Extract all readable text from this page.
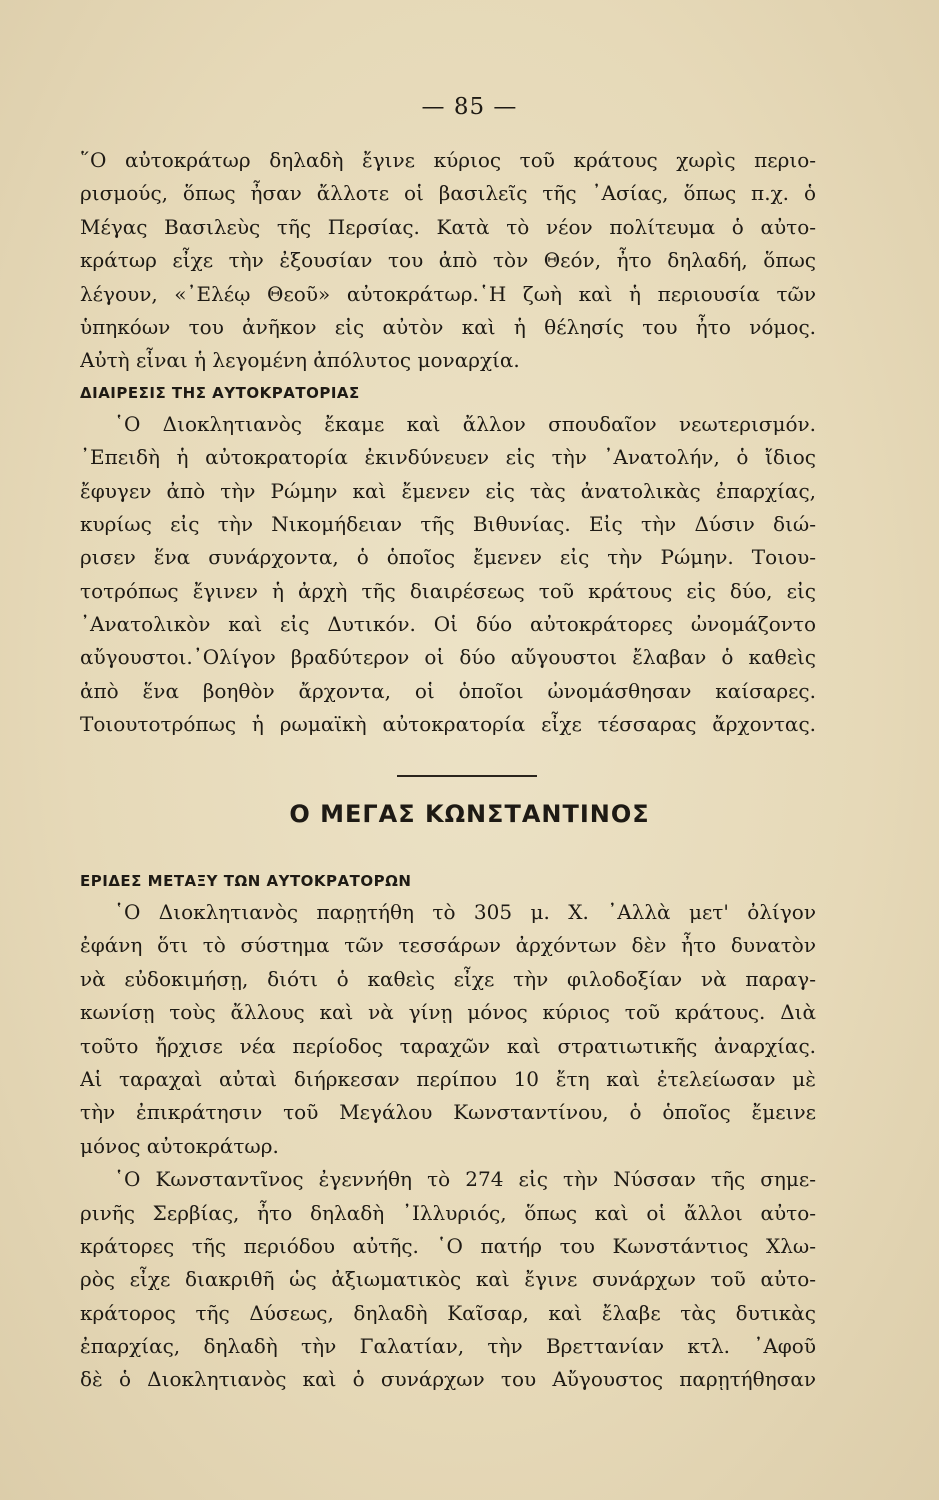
— 85 —
῞Ο αὐτοκράτωρ δηλαδὴ ἔγινε κύριος τοῦ κράτους χωρὶς περιο-
ρισμούς, ὅπως ἦσαν ἄλλοτε οἱ βασιλεῖς τῆς ᾿Ασίας, ὅπως π.χ. ὁ
Μέγας Βασιλεὺς τῆς Περσίας. Κατὰ τὸ νέον πολίτευμα ὁ αὐτο-
κράτωρ εἶχε τὴν ἐξουσίαν του ἀπὸ τὸν Θεόν, ἦτο δηλαδή, ὅπως
λέγουν, «᾿Ελέῳ Θεοῦ» αὐτοκράτωρ.῾Η ζωὴ καὶ ἡ περιουσία τῶν
ὑπηκόων του ἀνῆκον εἰς αὐτὸν καὶ ἡ θέλησίς του ἦτο νόμος.
Αὐτὴ εἶναι ἡ λεγομένη ἀπόλυτος μοναρχία.
ΔΙΑΙΡΕΣΙΣ ΤΗΣ ΑΥΤΟΚΡΑΤΟΡΙΑΣ
῾Ο Διοκλητιανὸς ἔκαμε καὶ ἄλλον σπουδαῖον νεωτερισμόν.
᾿Επειδὴ ἡ αὐτοκρατορία ἐκινδύνευεν εἰς τὴν ᾿Ανατολήν, ὁ ἴδιος
ἔφυγεν ἀπὸ τὴν Ρώμην καὶ ἔμενεν εἰς τὰς ἀνατολικὰς ἐπαρχίας,
κυρίως εἰς τὴν Νικομήδειαν τῆς Βιθυνίας. Εἰς τὴν Δύσιν διώ-
ρισεν ἕνα συνάρχοντα, ὁ ὁποῖος ἔμενεν εἰς τὴν Ρώμην. Τοιου-
τοτρόπως ἔγινεν ἡ ἀρχὴ τῆς διαιρέσεως τοῦ κράτους εἰς δύο, εἰς
᾿Ανατολικὸν καὶ εἰς Δυτικόν. Οἱ δύο αὐτοκράτορες ὠνομάζοντο
αὔγουστοι.᾿Ολίγον βραδύτερον οἱ δύο αὔγουστοι ἔλαβαν ὁ καθεὶς
ἀπὸ ἕνα βοηθὸν ἄρχοντα, οἱ ὁποῖοι ὠνομάσθησαν καίσαρες.
Τοιουτοτρόπως ἡ ρωμαϊκὴ αὐτοκρατορία εἶχε τέσσαρας ἄρχοντας.
Ο ΜΕΓΑΣ ΚΩΝΣΤΑΝΤΙΝΟΣ
ΕΡΙΔΕΣ ΜΕΤΑΞΥ ΤΩΝ ΑΥΤΟΚΡΑΤΟΡΩΝ
῾Ο Διοκλητιανὸς παρῃτήθη τὸ 305 μ. Χ. ᾿Αλλὰ μετ' ὀλίγον
ἐφάνη ὅτι τὸ σύστημα τῶν τεσσάρων ἀρχόντων δὲν ἦτο δυνατὸν
νὰ εὐδοκιμήσῃ, διότι ὁ καθεὶς εἶχε τὴν φιλοδοξίαν νὰ παραγ-
κωνίσῃ τοὺς ἄλλους καὶ νὰ γίνῃ μόνος κύριος τοῦ κράτους. Διὰ
τοῦτο ἤρχισε νέα περίοδος ταραχῶν καὶ στρατιωτικῆς ἀναρχίας.
Αἱ ταραχαὶ αὐταὶ διήρκεσαν περίπου 10 ἔτη καὶ ἐτελείωσαν μὲ
τὴν ἐπικράτησιν τοῦ Μεγάλου Κωνσταντίνου, ὁ ὁποῖος ἔμεινε
μόνος αὐτοκράτωρ.
῾Ο Κωνσταντῖνος ἐγεννήθη τὸ 274 εἰς τὴν Νύσσαν τῆς σημε-
ρινῆς Σερβίας, ἦτο δηλαδὴ ᾿Ιλλυριός, ὅπως καὶ οἱ ἄλλοι αὐτο-
κράτορες τῆς περιόδου αὐτῆς. ῾Ο πατήρ του Κωνστάντιος Χλω-
ρὸς εἶχε διακριθῆ ὡς ἀξιωματικὸς καὶ ἔγινε συνάρχων τοῦ αὐτο-
κράτορος τῆς Δύσεως, δηλαδὴ Καῖσαρ, καὶ ἔλαβε τὰς δυτικὰς
ἐπαρχίας, δηλαδὴ τὴν Γαλατίαν, τὴν Βρεττανίαν κτλ. ᾿Αφοῦ
δὲ ὁ Διοκλητιανὸς καὶ ὁ συνάρχων του Αὔγουστος παρῃτήθησαν
